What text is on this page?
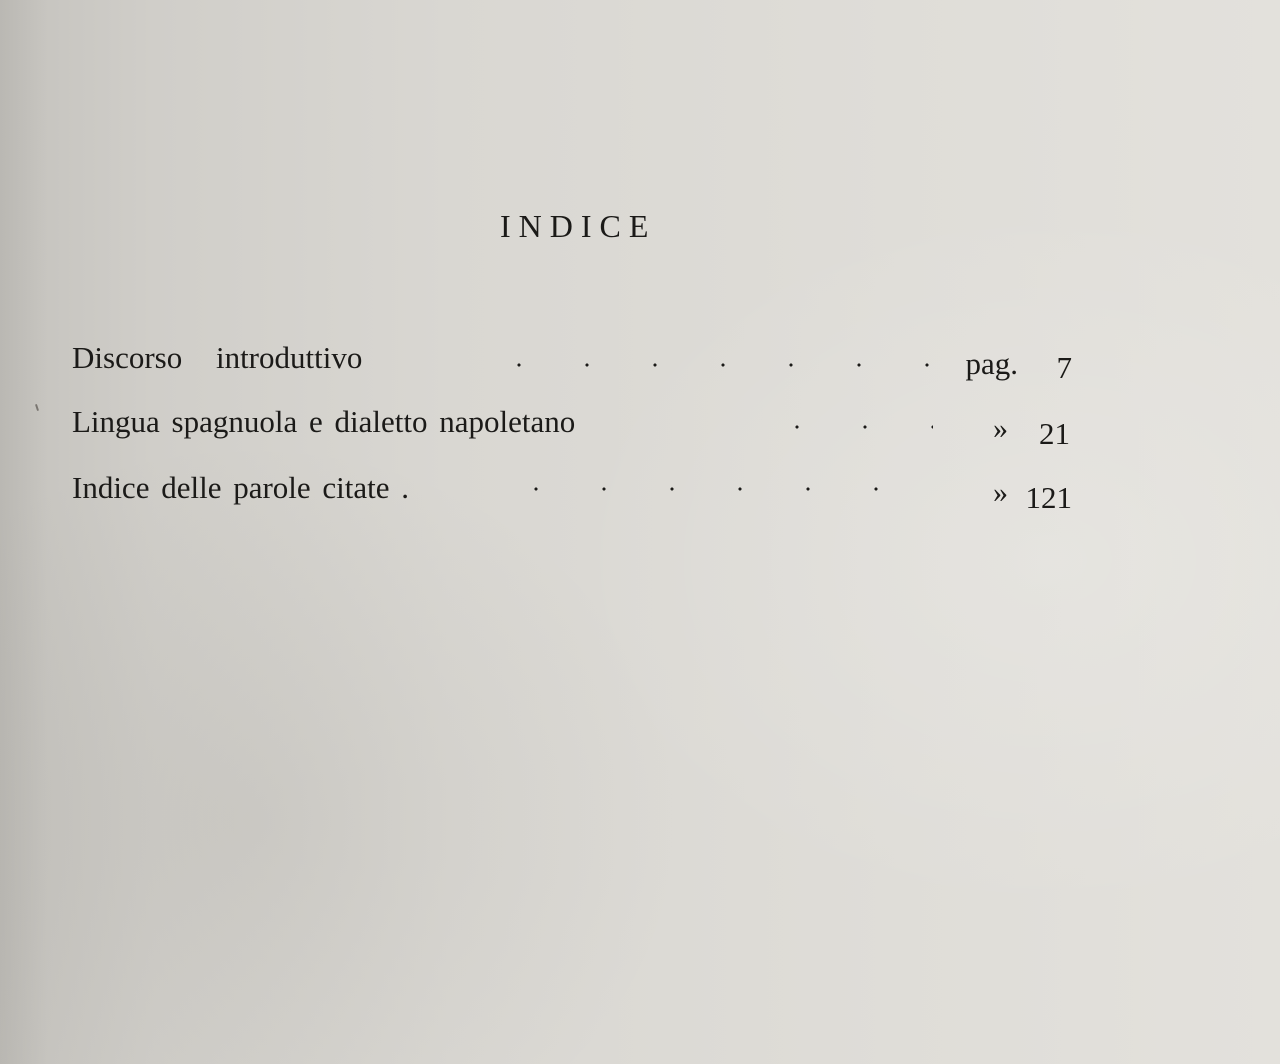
INDICE
Discorso introduttivo	pag.	7
Lingua spagnuola e dialetto napoletano	»	21
Indice delle parole citate .	» 121
